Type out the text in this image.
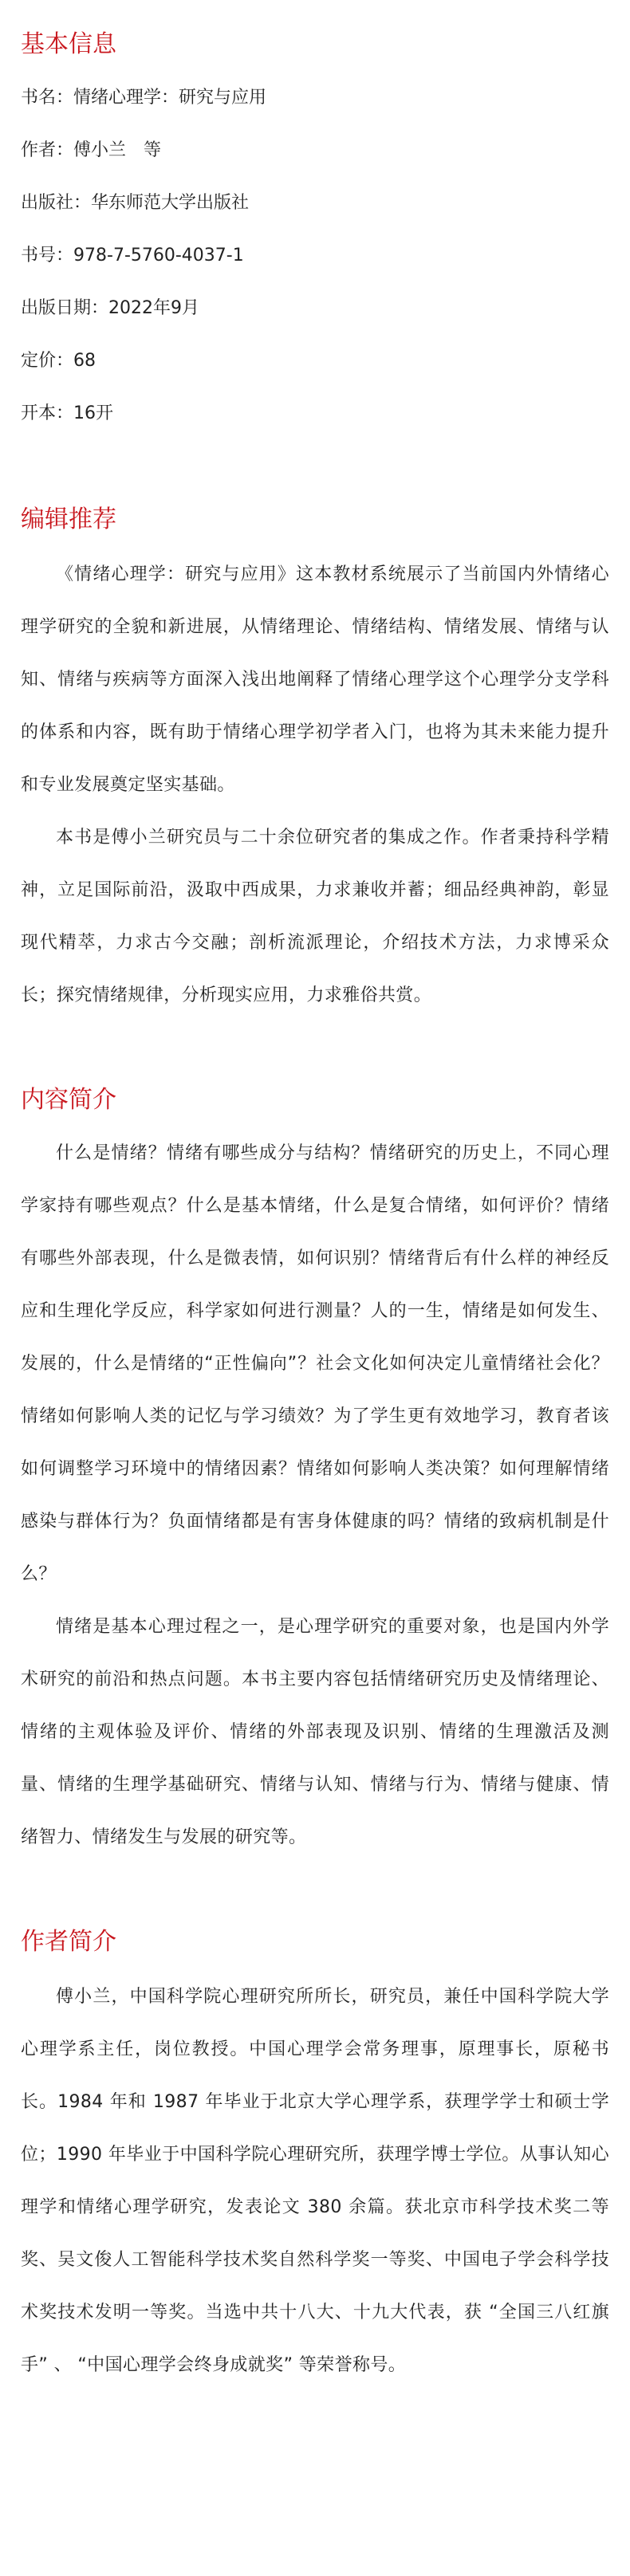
基本信息
书名：情绪心理学：研究与应用
作者：傅小兰　等
出版社：华东师范大学出版社
书号：978-7-5760-4037-1
出版日期：2022年9月
定价：68
开本：16开
编辑推荐

《情绪心理学：研究与应用》这本教材系统展示了当前国内外情绪心理学研究的全貌和新进展，从情绪理论、情绪结构、情绪发展、情绪与认知、情绪与疾病等方面深入浅出地阐释了情绪心理学这个心理学分支学科的体系和内容，既有助于情绪心理学初学者入门，也将为其未来能力提升和专业发展奠定坚实基础。

本书是傅小兰研究员与二十余位研究者的集成之作。作者秉持科学精神，立足国际前沿，汲取中西成果，力求兼收并蓄；细品经典神韵，彰显现代精萃，力求古今交融；剖析流派理论，介绍技术方法，力求博采众长；探究情绪规律，分析现实应用，力求雅俗共赏。

内容简介

什么是情绪？情绪有哪些成分与结构？情绪研究的历史上，不同心理学家持有哪些观点？什么是基本情绪，什么是复合情绪，如何评价？情绪有哪些外部表现，什么是微表情，如何识别？情绪背后有什么样的神经反应和生理化学反应，科学家如何进行测量？人的一生，情绪是如何发生、发展的，什么是情绪的“正性偏向”？社会文化如何决定儿童情绪社会化？情绪如何影响人类的记忆与学习绩效？为了学生更有效地学习，教育者该如何调整学习环境中的情绪因素？情绪如何影响人类决策？如何理解情绪感染与群体行为？负面情绪都是有害身体健康的吗？情绪的致病机制是什么？

情绪是基本心理过程之一，是心理学研究的重要对象，也是国内外学术研究的前沿和热点问题。本书主要内容包括情绪研究历史及情绪理论、情绪的主观体验及评价、情绪的外部表现及识别、情绪的生理激活及测量、情绪的生理学基础研究、情绪与认知、情绪与行为、情绪与健康、情绪智力、情绪发生与发展的研究等。

作者简介

傅小兰，中国科学院心理研究所所长，研究员，兼任中国科学院大学心理学系主任，岗位教授。中国心理学会常务理事，原理事长，原秘书长。1984 年和 1987 年毕业于北京大学心理学系，获理学学士和硕士学位；1990 年毕业于中国科学院心理研究所，获理学博士学位。从事认知心理学和情绪心理学研究，发表论文 380 余篇。获北京市科学技术奖二等奖、吴文俊人工智能科学技术奖自然科学奖一等奖、中国电子学会科学技术奖技术发明一等奖。当选中共十八大、十九大代表，获 “全国三八红旗手” 、 “中国心理学会终身成就奖” 等荣誉称号。
